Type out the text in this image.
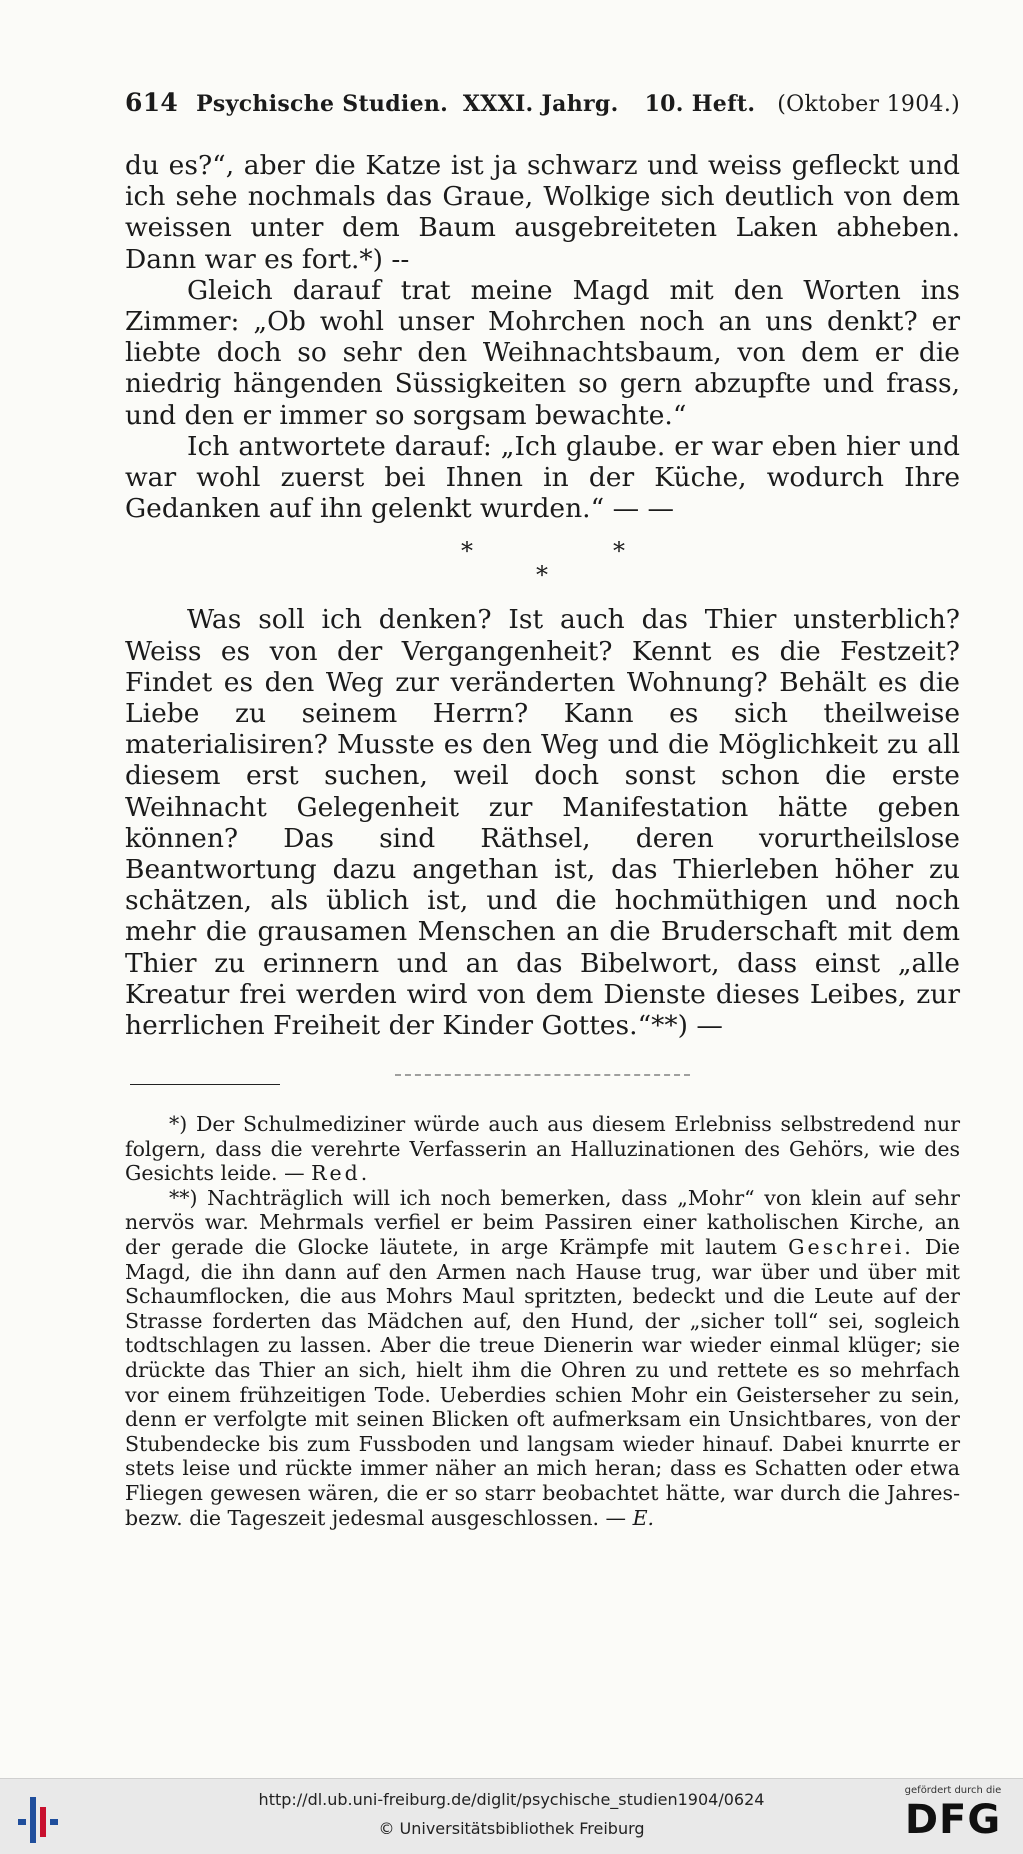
614 Psychische Studien. XXXI. Jahrg. 10. Heft. (Oktober 1904.)

du es?“, aber die Katze ist ja schwarz und weiss gefleckt und ich sehe nochmals das Graue, Wolkige sich deutlich von dem weissen unter dem Baum ausgebreiteten Laken abheben. Dann war es fort.*) --

Gleich darauf trat meine Magd mit den Worten ins Zimmer: „Ob wohl unser Mohrchen noch an uns denkt? er liebte doch so sehr den Weihnachtsbaum, von dem er die niedrig hängenden Süssigkeiten so gern abzupfte und frass, und den er immer so sorgsam bewachte.“

Ich antwortete darauf: „Ich glaube. er war eben hier und war wohl zuerst bei Ihnen in der Küche, wodurch Ihre Gedanken auf ihn gelenkt wurden.“ — —

*	*
*

Was soll ich denken? Ist auch das Thier unsterblich? Weiss es von der Vergangenheit? Kennt es die Festzeit? Findet es den Weg zur veränderten Wohnung? Behält es die Liebe zu seinem Herrn? Kann es sich theilweise materialisiren? Musste es den Weg und die Möglichkeit zu all diesem erst suchen, weil doch sonst schon die erste Weihnacht Gelegenheit zur Manifestation hätte geben können? Das sind Räthsel, deren vorurtheilslose Beantwortung dazu angethan ist, das Thierleben höher zu schätzen, als üblich ist, und die hochmüthigen und noch mehr die grausamen Menschen an die Bruderschaft mit dem Thier zu erinnern und an das Bibelwort, dass einst „alle Kreatur frei werden wird von dem Dienste dieses Leibes, zur herrlichen Freiheit der Kinder Gottes.“**) —

*) Der Schulmediziner würde auch aus diesem Erlebniss selbstredend nur folgern, dass die verehrte Verfasserin an Halluzinationen des Gehörs, wie des Gesichts leide. — Red.

**) Nachträglich will ich noch bemerken, dass „Mohr“ von klein auf sehr nervös war. Mehrmals verfiel er beim Passiren einer katholischen Kirche, an der gerade die Glocke läutete, in arge Krämpfe mit lautem Geschrei. Die Magd, die ihn dann auf den Armen nach Hause trug, war über und über mit Schaumflocken, die aus Mohrs Maul spritzten, bedeckt und die Leute auf der Strasse forderten das Mädchen auf, den Hund, der „sicher toll“ sei, sogleich todtschlagen zu lassen. Aber die treue Dienerin war wieder einmal klüger; sie drückte das Thier an sich, hielt ihm die Ohren zu und rettete es so mehrfach vor einem frühzeitigen Tode. Ueberdies schien Mohr ein Geisterseher zu sein, denn er verfolgte mit seinen Blicken oft aufmerksam ein Unsichtbares, von der Stubendecke bis zum Fussboden und langsam wieder hinauf. Dabei knurrte er stets leise und rückte immer näher an mich heran; dass es Schatten oder etwa Fliegen gewesen wären, die er so starr beobachtet hätte, war durch die Jahres- bezw. die Tageszeit jedesmal ausgeschlossen. — E.

http://dl.ub.uni-freiburg.de/diglit/psychische_studien1904/0624
© Universitätsbibliothek Freiburg
gefördert durch die
DFG
